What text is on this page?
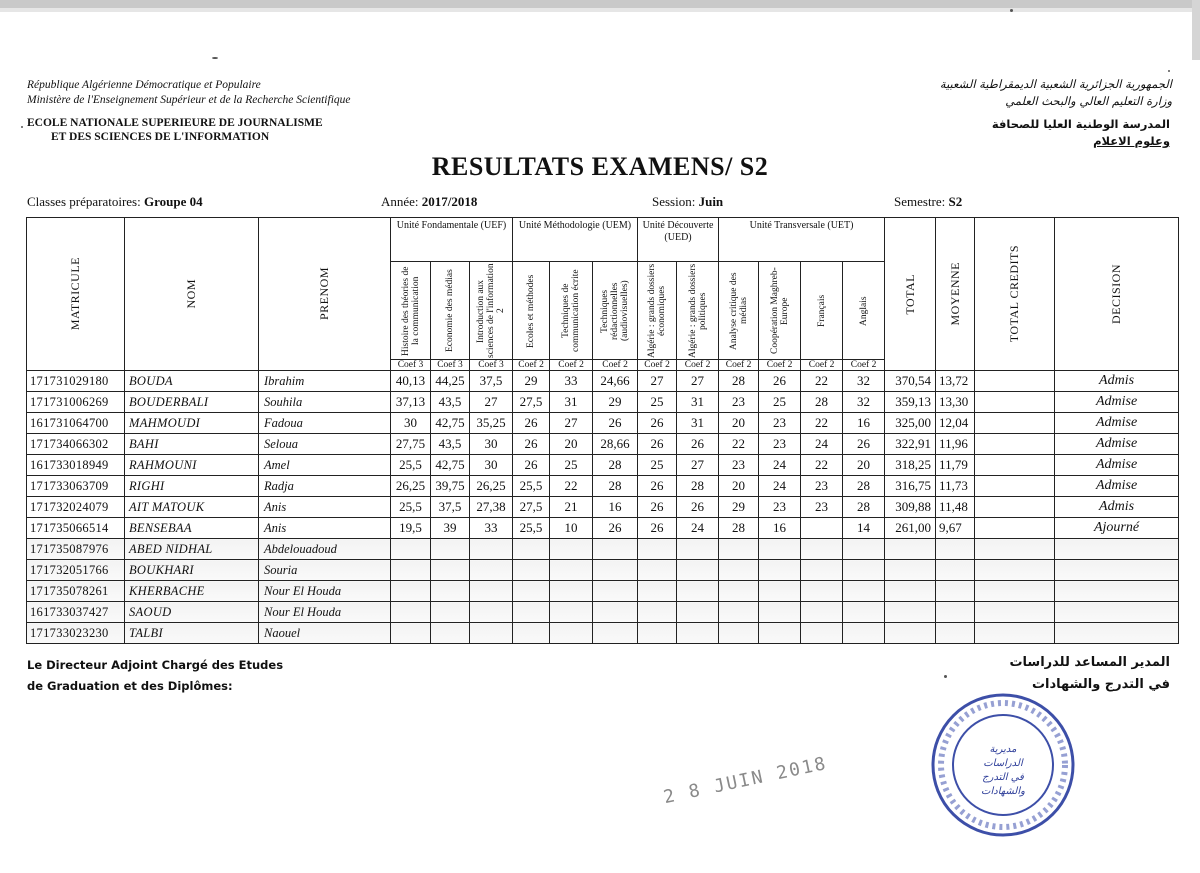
République Algérienne Démocratique et Populaire
Ministère de l'Enseignement Supérieur et de la Recherche Scientifique
ECOLE NATIONALE SUPERIEURE DE JOURNALISME
ET DES SCIENCES DE L'INFORMATION
الجمهورية الجزائرية الشعبية الديمقراطية الشعبية
وزارة التعليم العالي والبحث العلمي
المدرسة الوطنية العليا للصحافة
وعلوم الاعلام
RESULTATS EXAMENS/ S2
Classes préparatoires: Groupe 04	Année: 2017/2018	Session: Juin	Semestre: S2
MATRICULE	NOM	PRENOM	Unité Fondamentale (UEF)			Unité Méthodologie (UEM)			Unité Découverte (UED)		Unité Transversale (UET)				TOTAL	MOYENNE	TOTAL CREDITS	DECISION

Histoire des théories de la communication	Economie des médias	Introduction aux sciences de l'information 2	Ecoles et méthodes	Techniques de communication écrite	Techniques rédactionnelles (audiovisuelles)	Algérie : grands dossiers économiques	Algérie : grands dossiers politiques	Analyse critique des médias	Coopération Maghreb- Europe	Français	Anglais				

			Coef 3	Coef 3	Coef 3	Coef 2	Coef 2	Coef 2	Coef 2	Coef 2	Coef 2	Coef 2	Coef 2	Coef 2				
171731029180	BOUDA	Ibrahim	40,13	44,25	37,5	29	33	24,66	27	27	28	26	22	32	370,54	13,72		Admis
171731006269	BOUDERBALI	Souhila	37,13	43,5	27	27,5	31	29	25	31	23	25	28	32	359,13	13,30		Admise
161731064700	MAHMOUDI	Fadoua	30	42,75	35,25	26	27	26	26	31	20	23	22	16	325,00	12,04		Admise
171734066302	BAHI	Seloua	27,75	43,5	30	26	20	28,66	26	26	22	23	24	26	322,91	11,96		Admise
161733018949	RAHMOUNI	Amel	25,5	42,75	30	26	25	28	25	27	23	24	22	20	318,25	11,79		Admise
171733063709	RIGHI	Radja	26,25	39,75	26,25	25,5	22	28	26	28	20	24	23	28	316,75	11,73		Admise
171732024079	AIT MATOUK	Anis	25,5	37,5	27,38	27,5	21	16	26	26	29	23	23	28	309,88	11,48		Admis
171735066514	BENSEBAA	Anis	19,5	39	33	25,5	10	26	26	24	28	16		14	261,00	9,67		Ajourné
171735087976	ABED NIDHAL	Abdelouadoud																
171732051766	BOUKHARI	Souria																
171735078261	KHERBACHE	Nour El Houda																
161733037427	SAOUD	Nour El Houda																
171733023230	TALBI	Naouel																
Le Directeur Adjoint Chargé des Etudes
de Graduation et des Diplômes:
المدير المساعد للدراسات
في التدرج والشهادات
2 8 JUIN 2018
مديرية
الدراسات
في التدرج
والشهادات
